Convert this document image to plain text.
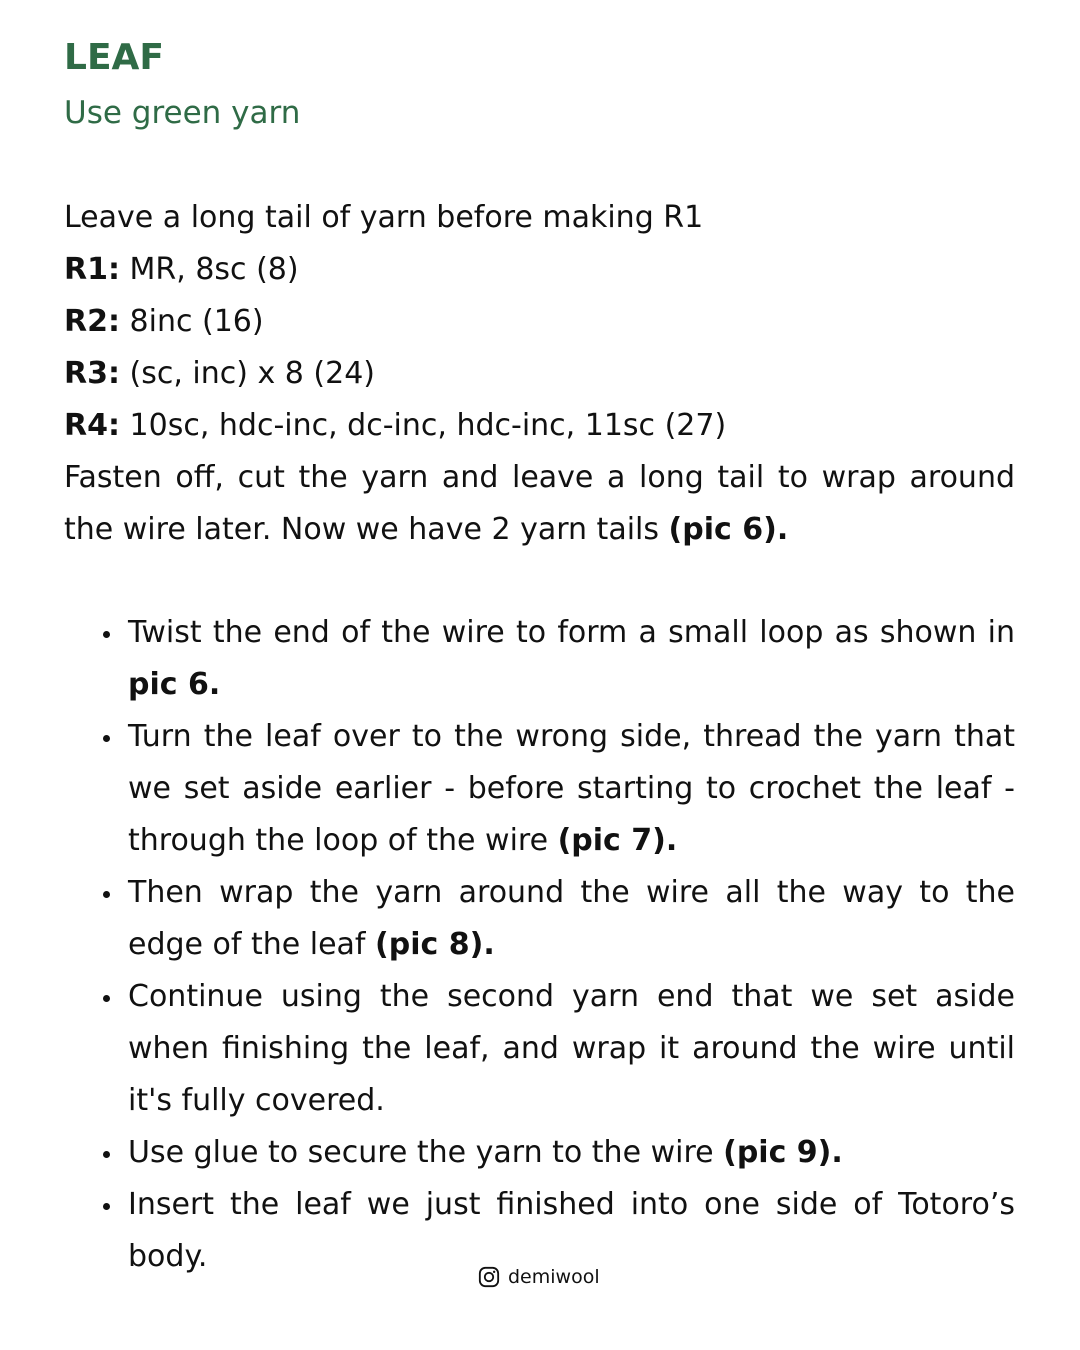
LEAF
Use green yarn
Leave a long tail of yarn before making R1
R1: MR, 8sc (8)
R2: 8inc (16)
R3: (sc, inc) x 8 (24)
R4: 10sc, hdc-inc, dc-inc, hdc-inc, 11sc (27)
Fasten off, cut the yarn and leave a long tail to wrap around the wire later. Now we have 2 yarn tails (pic 6).
Twist the end of the wire to form a small loop as shown in pic 6.
Turn the leaf over to the wrong side, thread the yarn that we set aside earlier - before starting to crochet the leaf - through the loop of the wire (pic 7).
Then wrap the yarn around the wire all the way to the edge of the leaf (pic 8).
Continue using the second yarn end that we set aside when finishing the leaf, and wrap it around the wire until it's fully covered.
Use glue to secure the yarn to the wire (pic 9).
Insert the leaf we just finished into one side of Totoro’s body.
demiwool
